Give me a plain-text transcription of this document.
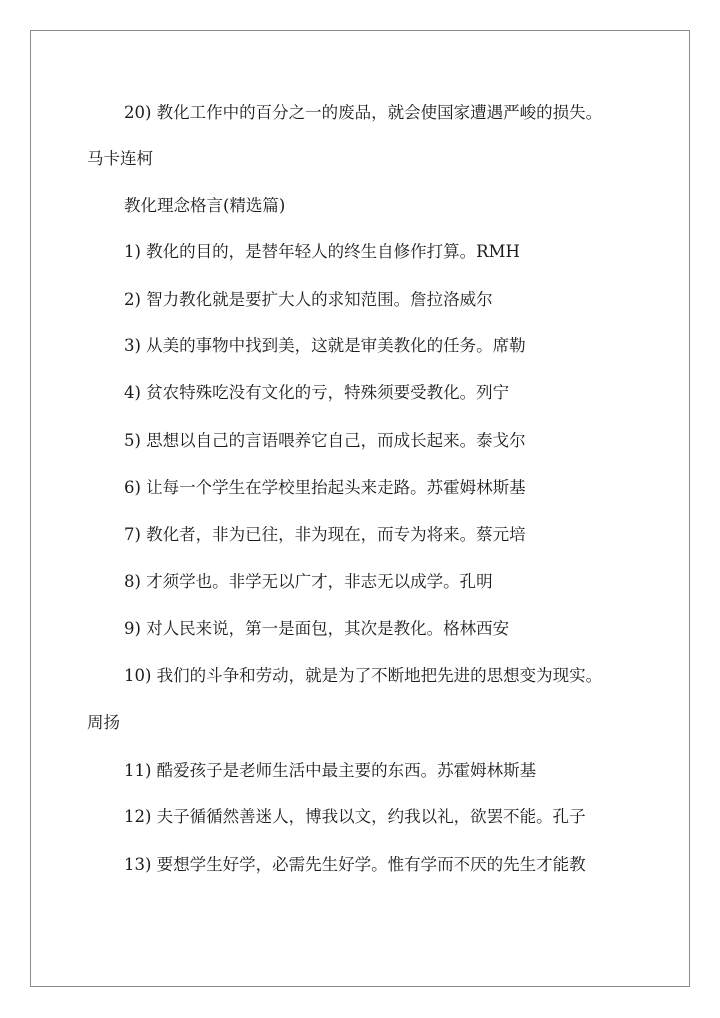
20) 教化工作中的百分之一的废品，就会使国家遭遇严峻的损失。
马卡连柯
教化理念格言(精选篇)
1) 教化的目的，是替年轻人的终生自修作打算。RMH
2) 智力教化就是要扩大人的求知范围。詹拉洛威尔
3) 从美的事物中找到美，这就是审美教化的任务。席勒
4) 贫农特殊吃没有文化的亏，特殊须要受教化。列宁
5) 思想以自己的言语喂养它自己，而成长起来。泰戈尔
6) 让每一个学生在学校里抬起头来走路。苏霍姆林斯基
7) 教化者，非为已往，非为现在，而专为将来。蔡元培
8) 才须学也。非学无以广才，非志无以成学。孔明
9) 对人民来说，第一是面包，其次是教化。格林西安
10) 我们的斗争和劳动，就是为了不断地把先进的思想变为现实。
周扬
11) 酷爱孩子是老师生活中最主要的东西。苏霍姆林斯基
12) 夫子循循然善迷人，博我以文，约我以礼，欲罢不能。孔子
13) 要想学生好学，必需先生好学。惟有学而不厌的先生才能教
